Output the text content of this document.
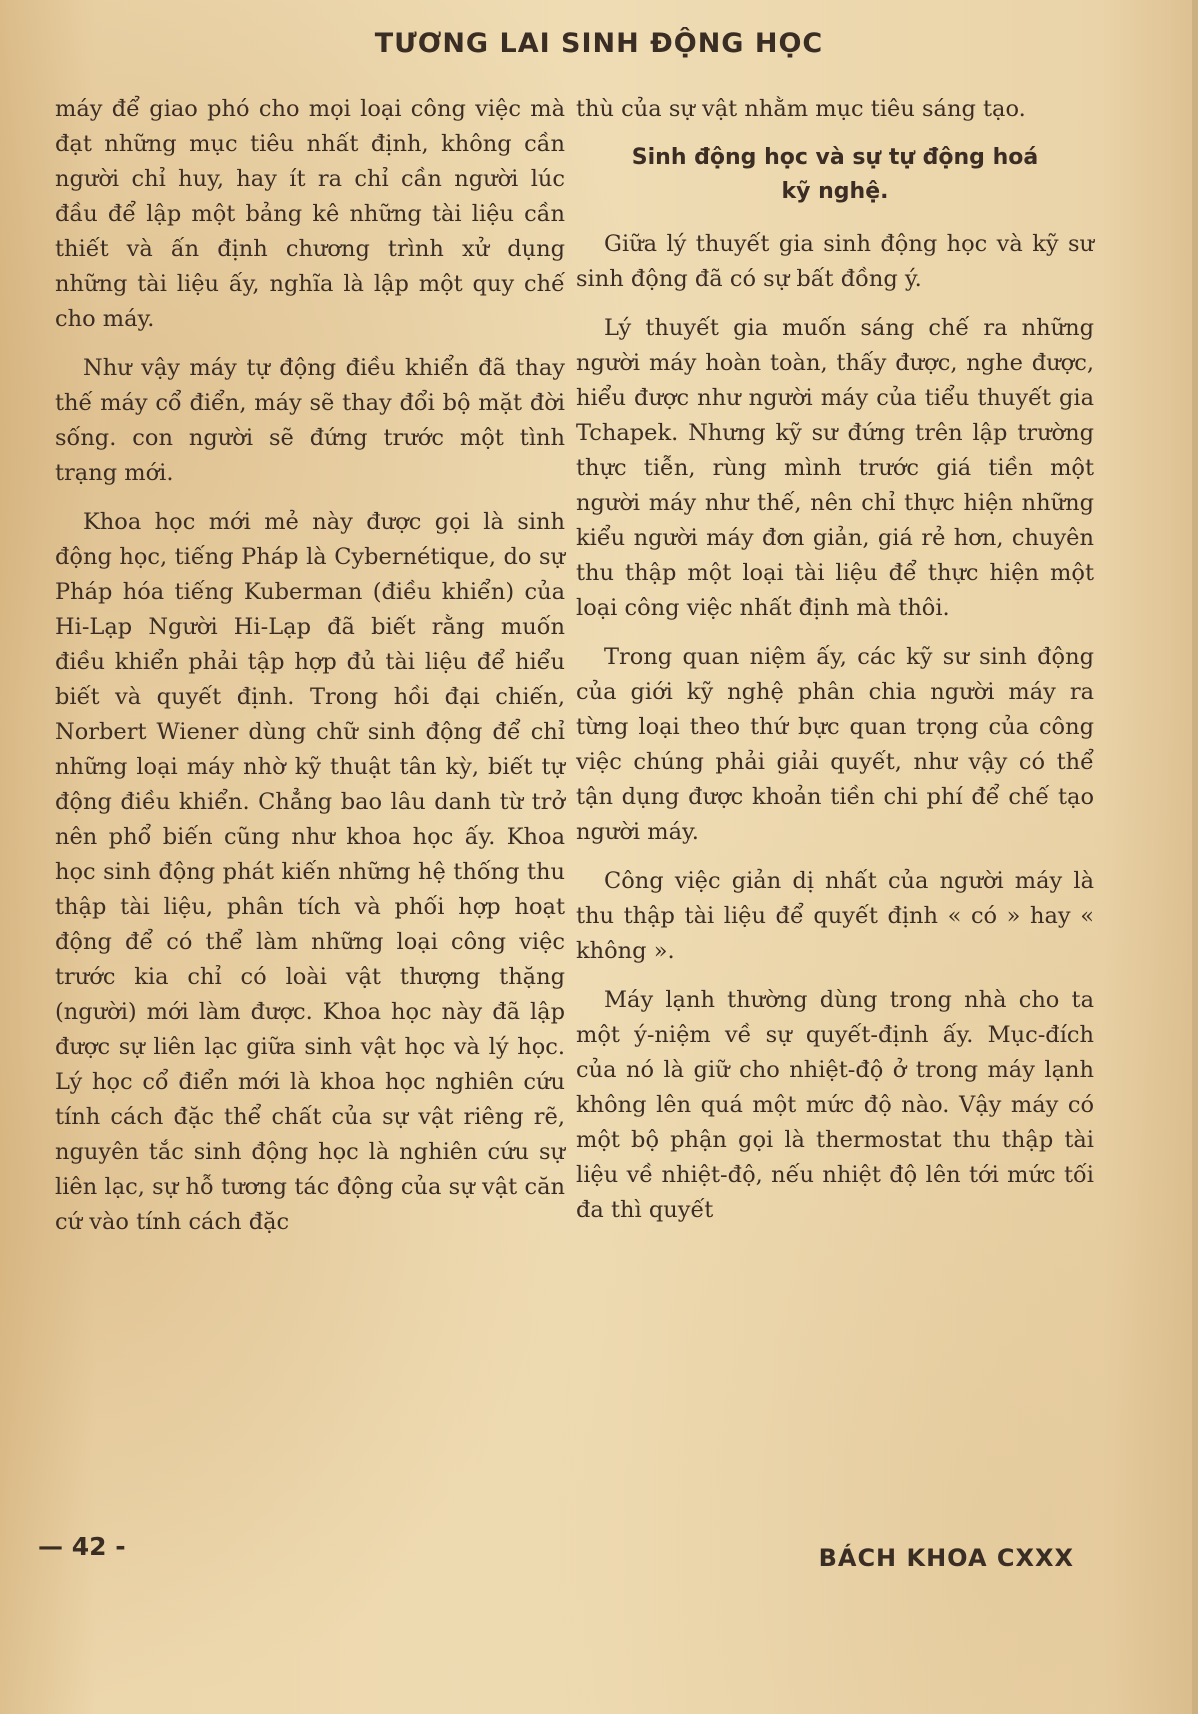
TƯƠNG LAI SINH ĐỘNG HỌC

máy để giao phó cho mọi loại công việc mà đạt những mục tiêu nhất định, không cần người chỉ huy, hay ít ra chỉ cần người lúc đầu để lập một bảng kê những tài liệu cần thiết và ấn định chương trình xử dụng những tài liệu ấy, nghĩa là lập một quy chế cho máy.

Như vậy máy tự động điều khiển đã thay thế máy cổ điển, máy sẽ thay đổi bộ mặt đời sống. con người sẽ đứng trước một tình trạng mới.

Khoa học mới mẻ này được gọi là sinh động học, tiếng Pháp là Cybernétique, do sự Pháp hóa tiếng Kuberman (điều khiển) của Hi-Lạp Người Hi-Lạp đã biết rằng muốn điều khiển phải tập hợp đủ tài liệu để hiểu biết và quyết định. Trong hồi đại chiến, Norbert Wiener dùng chữ sinh động để chỉ những loại máy nhờ kỹ thuật tân kỳ, biết tự động điều khiển. Chẳng bao lâu danh từ trở nên phổ biến cũng như khoa học ấy. Khoa học sinh động phát kiến những hệ thống thu thập tài liệu, phân tích và phối hợp hoạt động để có thể làm những loại công việc trước kia chỉ có loài vật thượng thặng (người) mới làm được. Khoa học này đã lập được sự liên lạc giữa sinh vật học và lý học. Lý học cổ điển mới là khoa học nghiên cứu tính cách đặc thể chất của sự vật riêng rẽ, nguyên tắc sinh động học là nghiên cứu sự liên lạc, sự hỗ tương tác động của sự vật căn cứ vào tính cách đặc

thù của sự vật nhằm mục tiêu sáng tạo.

Sinh động học và sự tự động hoá kỹ nghệ.

Giữa lý thuyết gia sinh động học và kỹ sư sinh động đã có sự bất đồng ý.

Lý thuyết gia muốn sáng chế ra những người máy hoàn toàn, thấy được, nghe được, hiểu được như người máy của tiểu thuyết gia Tchapek. Nhưng kỹ sư đứng trên lập trường thực tiễn, rùng mình trước giá tiền một người máy như thế, nên chỉ thực hiện những kiểu người máy đơn giản, giá rẻ hơn, chuyên thu thập một loại tài liệu để thực hiện một loại công việc nhất định mà thôi.

Trong quan niệm ấy, các kỹ sư sinh động của giới kỹ nghệ phân chia người máy ra từng loại theo thứ bực quan trọng của công việc chúng phải giải quyết, như vậy có thể tận dụng được khoản tiền chi phí để chế tạo người máy.

Công việc giản dị nhất của người máy là thu thập tài liệu để quyết định « có » hay « không ».

Máy lạnh thường dùng trong nhà cho ta một ý-niệm về sự quyết-định ấy. Mục-đích của nó là giữ cho nhiệt-độ ở trong máy lạnh không lên quá một mức độ nào. Vậy máy có một bộ phận gọi là thermostat thu thập tài liệu về nhiệt-độ, nếu nhiệt độ lên tới mức tối đa thì quyết

— 42 -	BÁCH KHOA CXXX
